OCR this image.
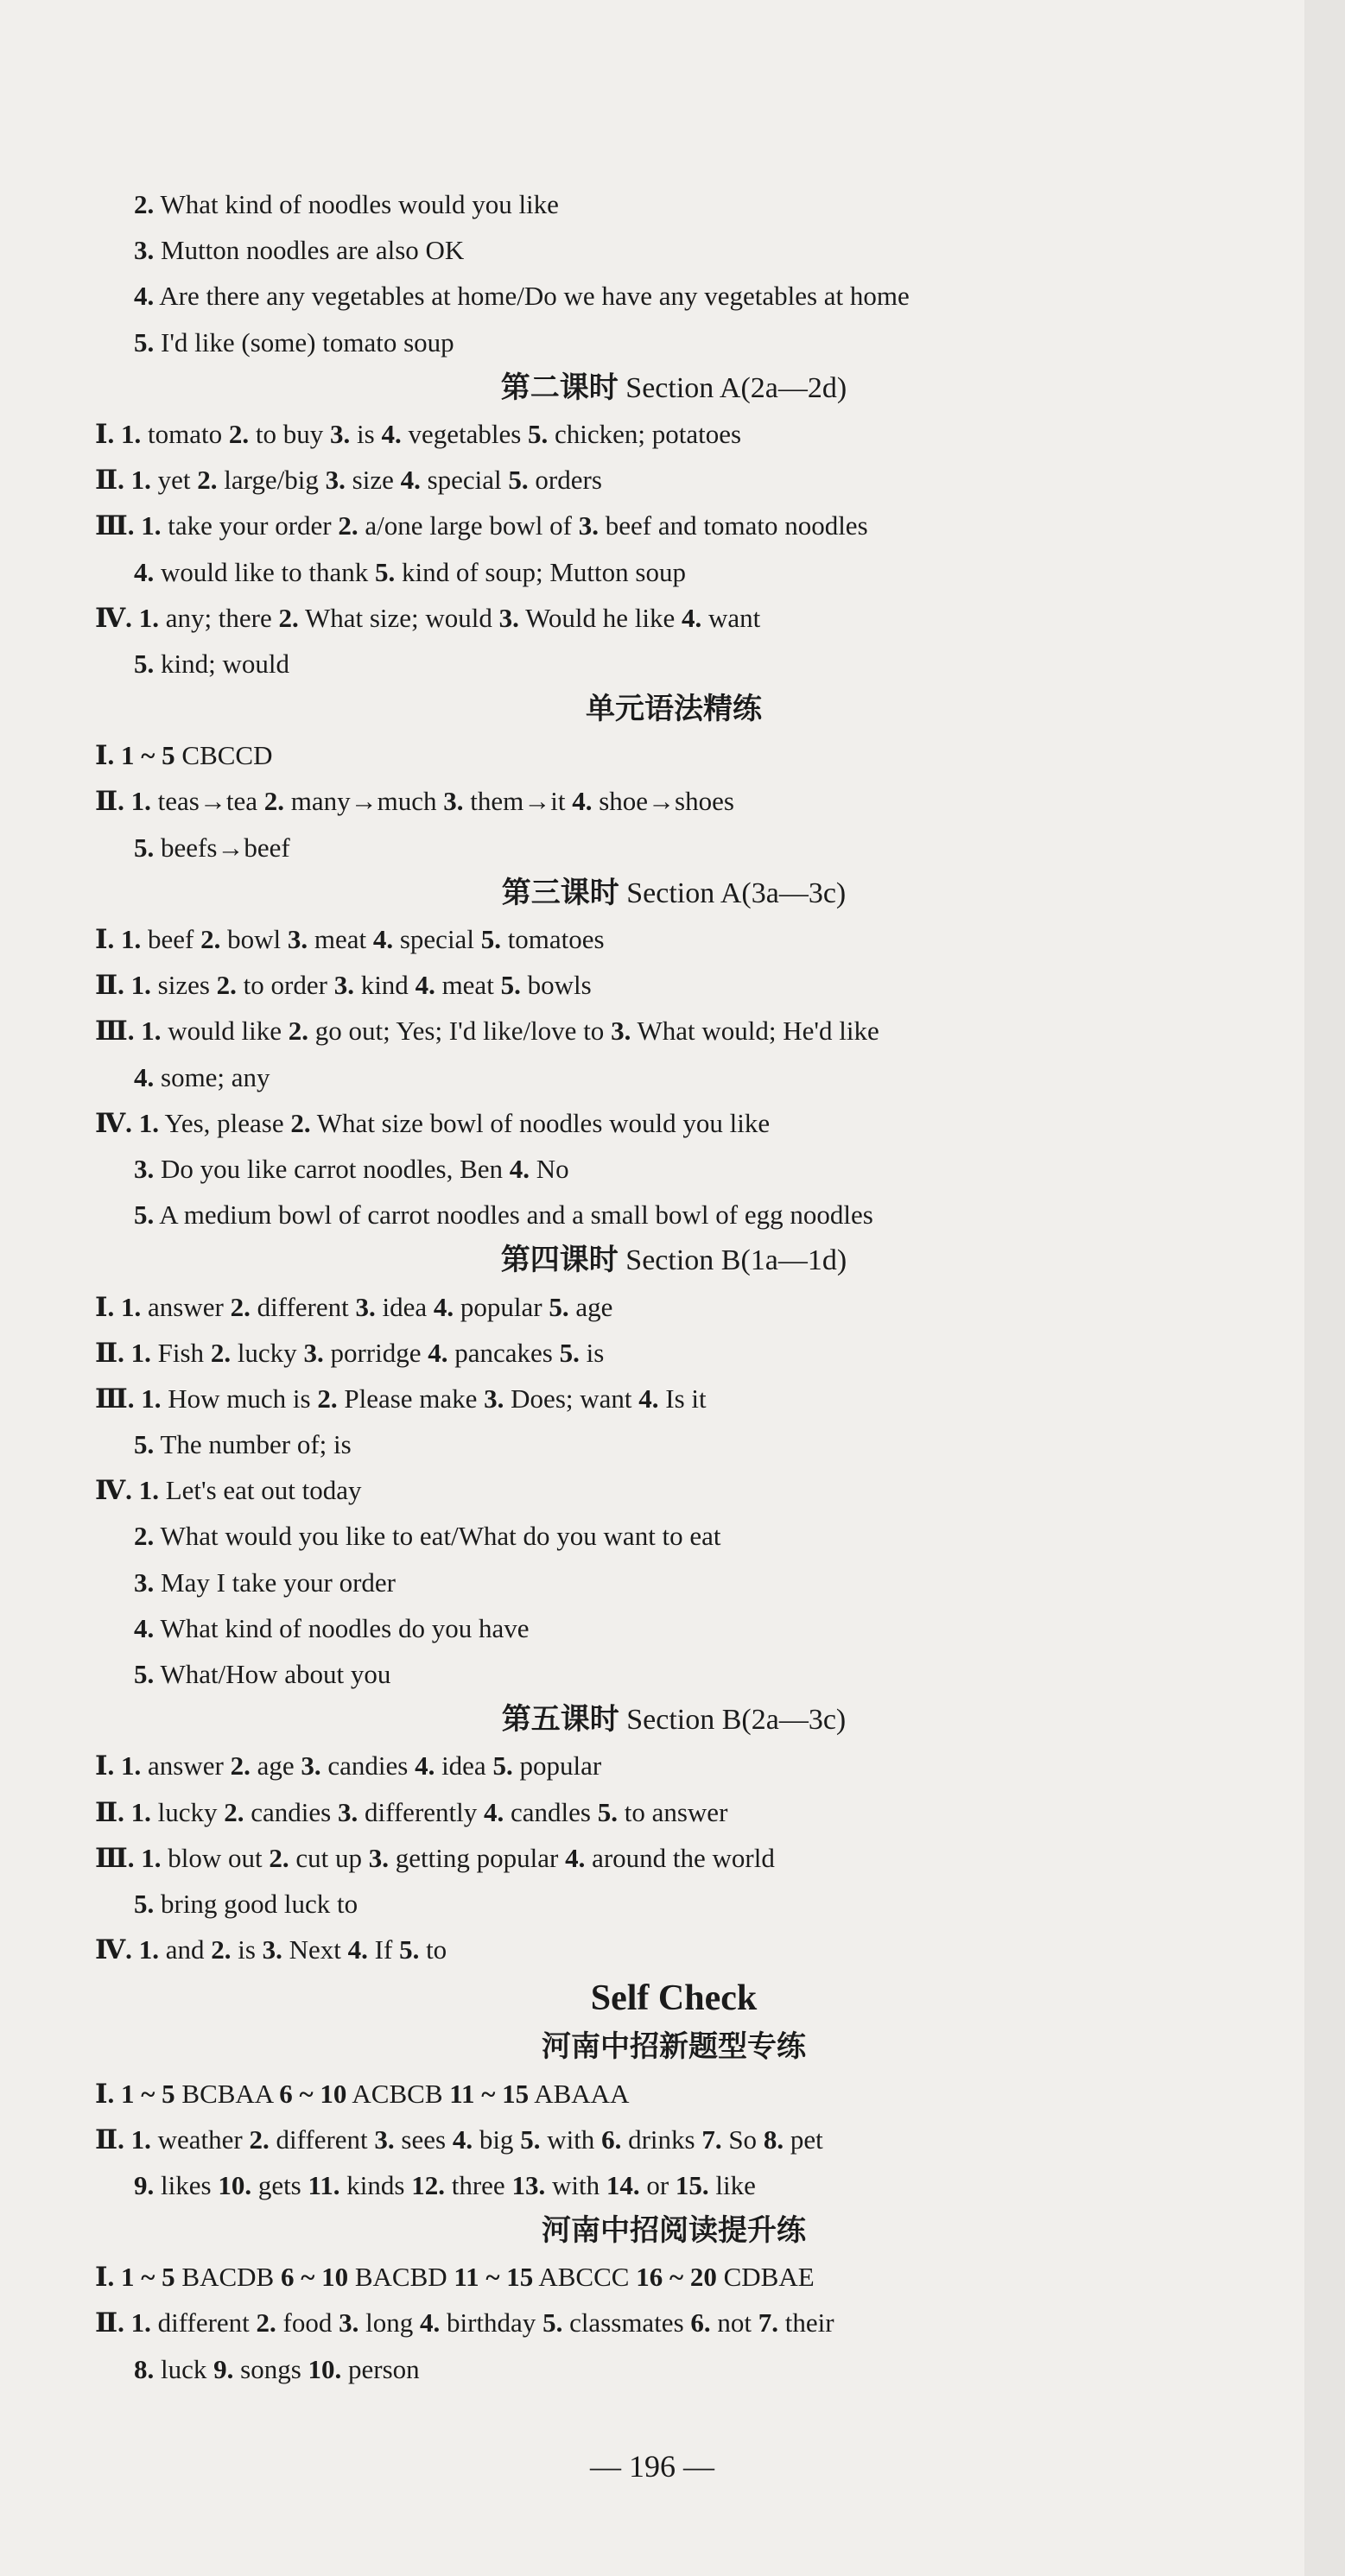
2. What kind of noodles would you like
3. Mutton noodles are also OK
4. Are there any vegetables at home/Do we have any vegetables at home
5. I'd like (some) tomato soup
第二课时 Section A(2a—2d)
Ⅰ. 1. tomato 2. to buy 3. is 4. vegetables 5. chicken; potatoes
Ⅱ. 1. yet 2. large/big 3. size 4. special 5. orders
Ⅲ. 1. take your order 2. a/one large bowl of 3. beef and tomato noodles
4. would like to thank 5. kind of soup; Mutton soup
Ⅳ. 1. any; there 2. What size; would 3. Would he like 4. want
5. kind; would
单元语法精练
Ⅰ. 1 ~ 5 CBCCD
Ⅱ. 1. teas→tea 2. many→much 3. them→it 4. shoe→shoes
5. beefs→beef
第三课时 Section A(3a—3c)
Ⅰ. 1. beef 2. bowl 3. meat 4. special 5. tomatoes
Ⅱ. 1. sizes 2. to order 3. kind 4. meat 5. bowls
Ⅲ. 1. would like 2. go out; Yes; I'd like/love to 3. What would; He'd like
4. some; any
Ⅳ. 1. Yes, please 2. What size bowl of noodles would you like
3. Do you like carrot noodles, Ben 4. No
5. A medium bowl of carrot noodles and a small bowl of egg noodles
第四课时 Section B(1a—1d)
Ⅰ. 1. answer 2. different 3. idea 4. popular 5. age
Ⅱ. 1. Fish 2. lucky 3. porridge 4. pancakes 5. is
Ⅲ. 1. How much is 2. Please make 3. Does; want 4. Is it
5. The number of; is
Ⅳ. 1. Let's eat out today
2. What would you like to eat/What do you want to eat
3. May I take your order
4. What kind of noodles do you have
5. What/How about you
第五课时 Section B(2a—3c)
Ⅰ. 1. answer 2. age 3. candies 4. idea 5. popular
Ⅱ. 1. lucky 2. candies 3. differently 4. candles 5. to answer
Ⅲ. 1. blow out 2. cut up 3. getting popular 4. around the world
5. bring good luck to
Ⅳ. 1. and 2. is 3. Next 4. If 5. to
Self Check
河南中招新题型专练
Ⅰ. 1 ~ 5 BCBAA 6 ~ 10 ACBCB 11 ~ 15 ABAAA
Ⅱ. 1. weather 2. different 3. sees 4. big 5. with 6. drinks 7. So 8. pet
9. likes 10. gets 11. kinds 12. three 13. with 14. or 15. like
河南中招阅读提升练
Ⅰ. 1 ~ 5 BACDB 6 ~ 10 BACBD 11 ~ 15 ABCCC 16 ~ 20 CDBAE
Ⅱ. 1. different 2. food 3. long 4. birthday 5. classmates 6. not 7. their
8. luck 9. songs 10. person
— 196 —
